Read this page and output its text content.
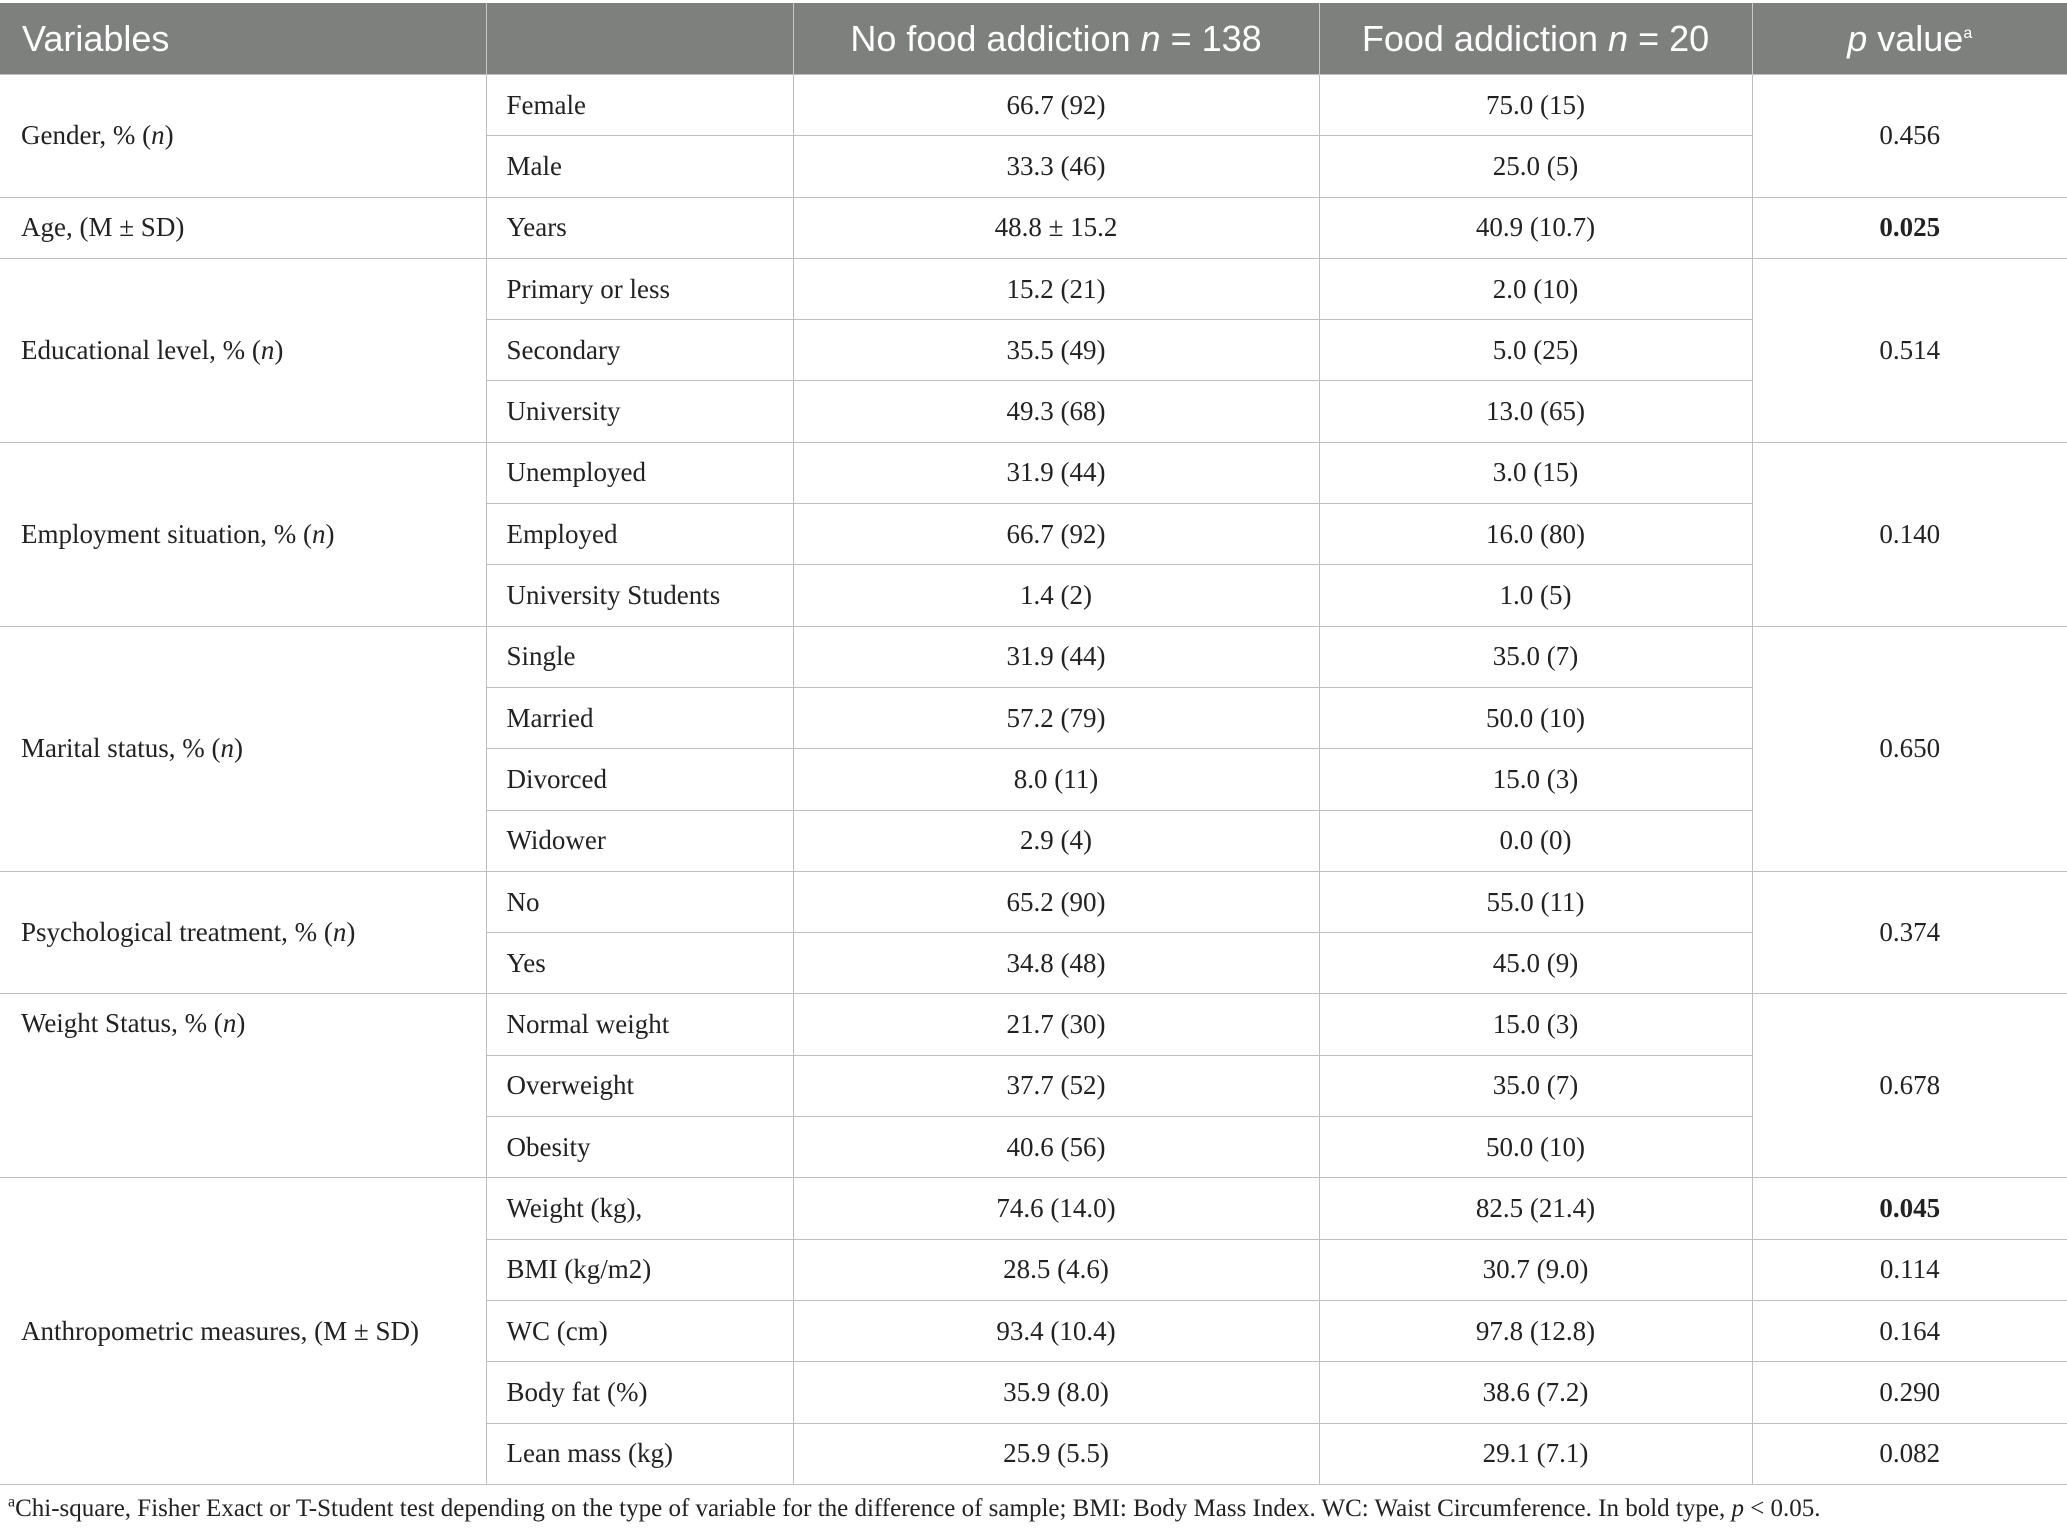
Variables		No food addiction n = 138	Food addiction n = 20	p value$^a$
Gender, % (n)	Female	66.7 (92)	75.0 (15)	0.456
	Male	33.3 (46)	25.0 (5)	
Age, (M ± SD)	Years	48.8 ± 15.2	40.9 (10.7)	0.025
Educational level, % (n)	Primary or less	15.2 (21)	2.0 (10)	0.514
	Secondary	35.5 (49)	5.0 (25)	
	University	49.3 (68)	13.0 (65)	
Employment situation, % (n)	Unemployed	31.9 (44)	3.0 (15)	0.140
	Employed	66.7 (92)	16.0 (80)	
	University Students	1.4 (2)	1.0 (5)	
Marital status, % (n)	Single	31.9 (44)	35.0 (7)	0.650
	Married	57.2 (79)	50.0 (10)	
	Divorced	8.0 (11)	15.0 (3)	
	Widower	2.9 (4)	0.0 (0)	
Psychological treatment, % (n)	No	65.2 (90)	55.0 (11)	0.374
	Yes	34.8 (48)	45.0 (9)	
Weight Status, % (n)	Normal weight	21.7 (30)	15.0 (3)	0.678
	Overweight	37.7 (52)	35.0 (7)	
	Obesity	40.6 (56)	50.0 (10)	
Anthropometric measures, (M ± SD)	Weight (kg),	74.6 (14.0)	82.5 (21.4)	0.045
	BMI (kg/m2)	28.5 (4.6)	30.7 (9.0)	0.114
	WC (cm)	93.4 (10.4)	97.8 (12.8)	0.164
	Body fat (%)	35.9 (8.0)	38.6 (7.2)	0.290
	Lean mass (kg)	25.9 (5.5)	29.1 (7.1)	0.082
$^a$Chi-square, Fisher Exact or T-Student test depending on the type of variable for the difference of sample; BMI: Body Mass Index. WC: Waist Circumference. In bold type, p < 0.05.
